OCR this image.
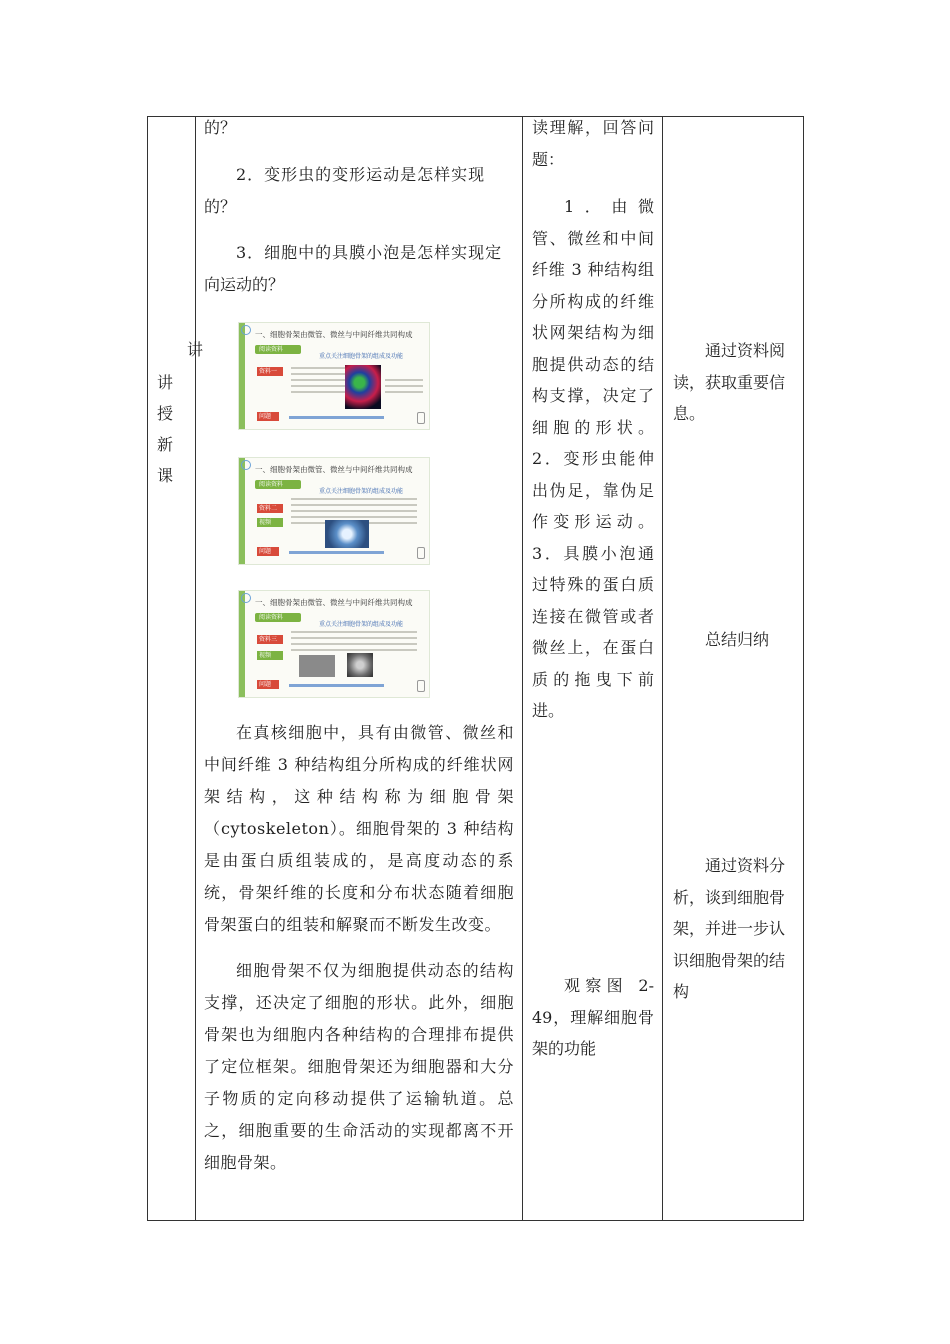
讲授新课
讲
的？
2．变形虫的变形运动是怎样实现
的？
3．细胞中的具膜小泡是怎样实现定
向运动的？
一、细胞骨架由微管、微丝与中间纤维共同构成
阅读资料
重点关注细胞骨架的组成及功能
资料一
问题
一、细胞骨架由微管、微丝与中间纤维共同构成
阅读资料
重点关注细胞骨架的组成及功能
资料二
视频
问题
一、细胞骨架由微管、微丝与中间纤维共同构成
阅读资料
重点关注细胞骨架的组成及功能
资料三
视频
问题
在真核细胞中，具有由微管、微丝和中间纤维 3 种结构组分所构成的纤维状网架结构，这种结构称为细胞骨架（cytoskeleton）。细胞骨架的 3 种结构是由蛋白质组装成的，是高度动态的系统，骨架纤维的长度和分布状态随着细胞骨架蛋白的组装和解聚而不断发生改变。
细胞骨架不仅为细胞提供动态的结构支撑，还决定了细胞的形状。此外，细胞骨架也为细胞内各种结构的合理排布提供了定位框架。细胞骨架还为细胞器和大分子物质的定向移动提供了运输轨道。总之，细胞重要的生命活动的实现都离不开细胞骨架。
读理解，回答问题：
1．由微管、微丝和中间纤维 3 种结构组分所构成的纤维状网架结构为细胞提供动态的结构支撑，决定了细胞的形状。2．变形虫能伸出伪足，靠伪足作变形运动。3．具膜小泡通过特殊的蛋白质连接在微管或者微丝上，在蛋白质的拖曳下前进。
观察图 2-49，理解细胞骨架的功能
通过资料阅读，获取重要信息。
总结归纳
通过资料分析，谈到细胞骨架，并进一步认识细胞骨架的结构
